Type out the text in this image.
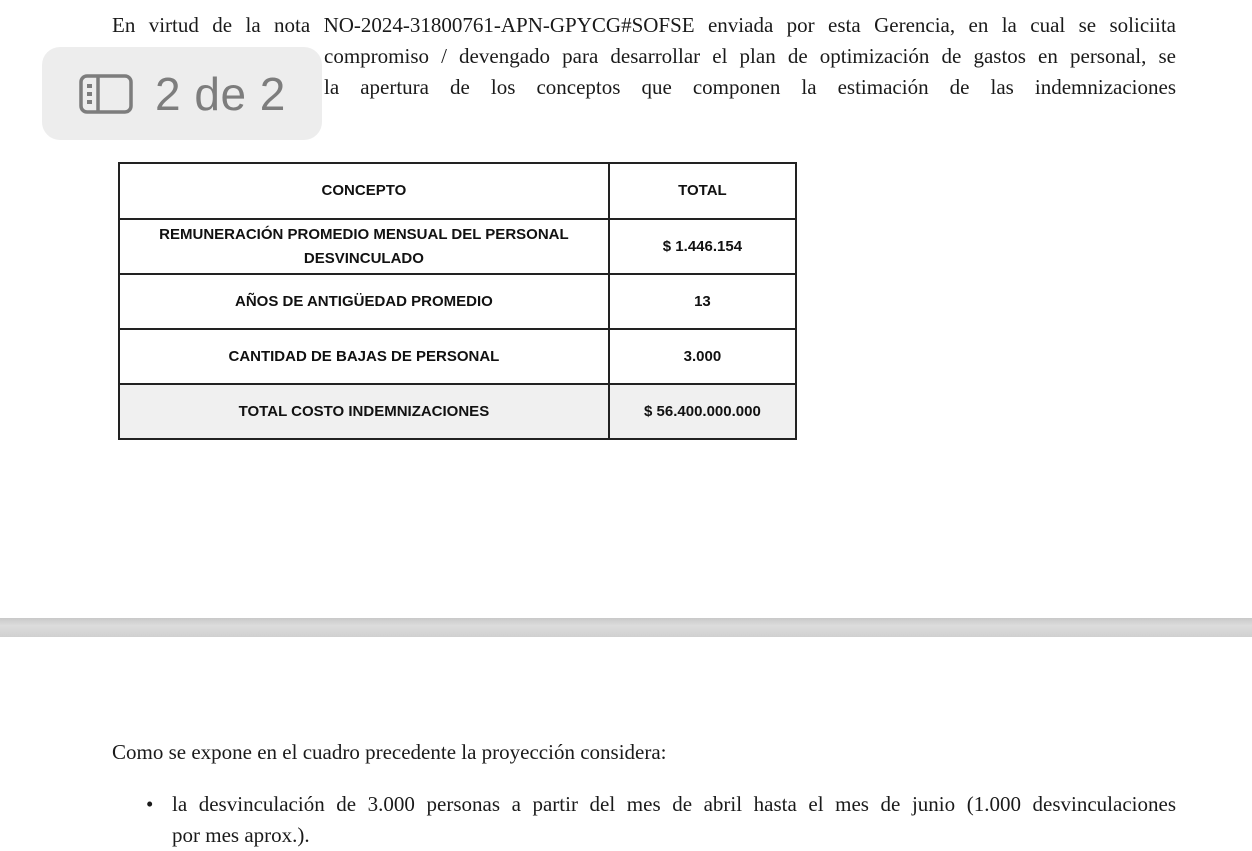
En virtud de la nota NO-2024-31800761-APN-GPYCG#SOFSE enviada por esta Gerencia, en la cual se soliciita
compromiso / devengado para desarrollar el plan de optimización de gastos en personal, se
la apertura de los conceptos que componen la estimación de las indemnizaciones
2 de 2
CONCEPTO	TOTAL
REMUNERACIÓN PROMEDIO MENSUAL DEL PERSONAL DESVINCULADO	$ 1.446.154
AÑOS DE ANTIGÜEDAD PROMEDIO	13
CANTIDAD DE BAJAS DE PERSONAL	3.000
TOTAL COSTO INDEMNIZACIONES	$ 56.400.000.000
Como se expone en el cuadro precedente la proyección considera:
• la desvinculación de 3.000 personas a partir del mes de abril hasta el mes de junio (1.000 desvinculaciones
por mes aprox.).
